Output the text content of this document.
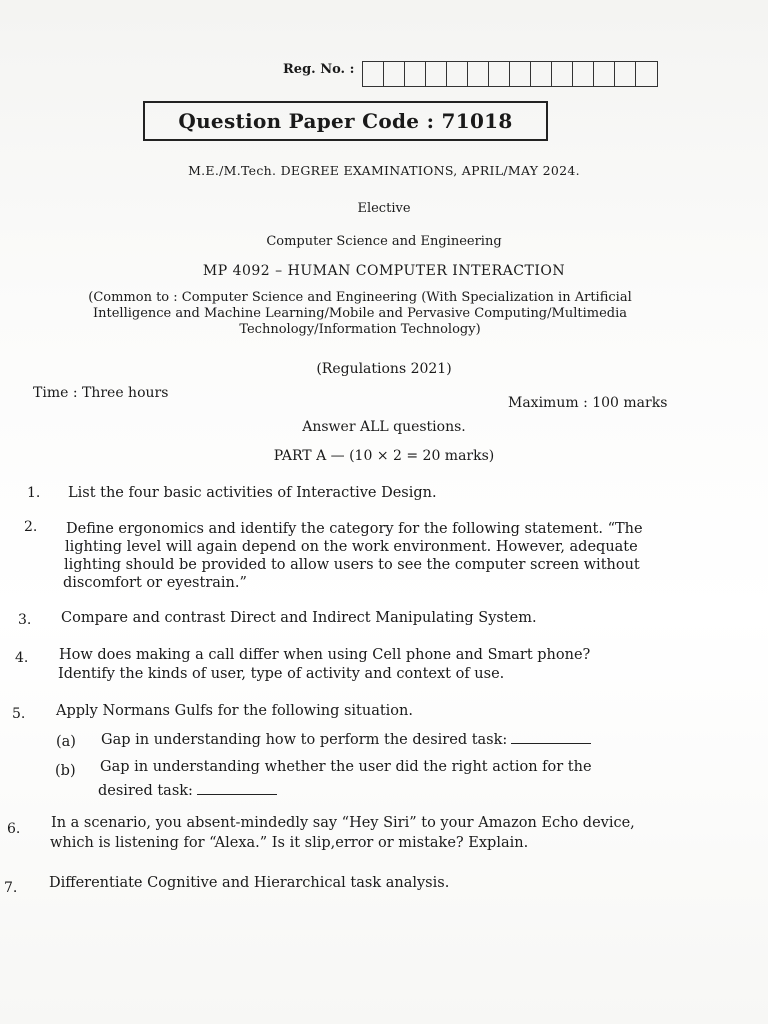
Reg. No. :
Question Paper Code : 71018
M.E./M.Tech. DEGREE EXAMINATIONS, APRIL/MAY 2024.
Elective
Computer Science and Engineering
MP 4092 – HUMAN COMPUTER INTERACTION
(Common to : Computer Science and Engineering (With Specialization in Artificial
Intelligence and Machine Learning/Mobile and Pervasive Computing/Multimedia
Technology/Information Technology)
(Regulations 2021)
Time : Three hours
Maximum : 100 marks
Answer ALL questions.
PART A — (10 × 2 = 20 marks)
1. List the four basic activities of Interactive Design.
2. Define ergonomics and identify the category for the following statement. “The
lighting level will again depend on the work environment. However, adequate
lighting should be provided to allow users to see the computer screen without
discomfort or eyestrain.”
3. Compare and contrast Direct and Indirect Manipulating System.
4. How does making a call differ when using Cell phone and Smart phone?
Identify the kinds of user, type of activity and context of use.
5. Apply Normans Gulfs for the following situation.
(a) Gap in understanding how to perform the desired task:
(b) Gap in understanding whether the user did the right action for the
desired task:
6. In a scenario, you absent-mindedly say “Hey Siri” to your Amazon Echo device,
which is listening for “Alexa.” Is it slip,error or mistake? Explain.
7. Differentiate Cognitive and Hierarchical task analysis.
